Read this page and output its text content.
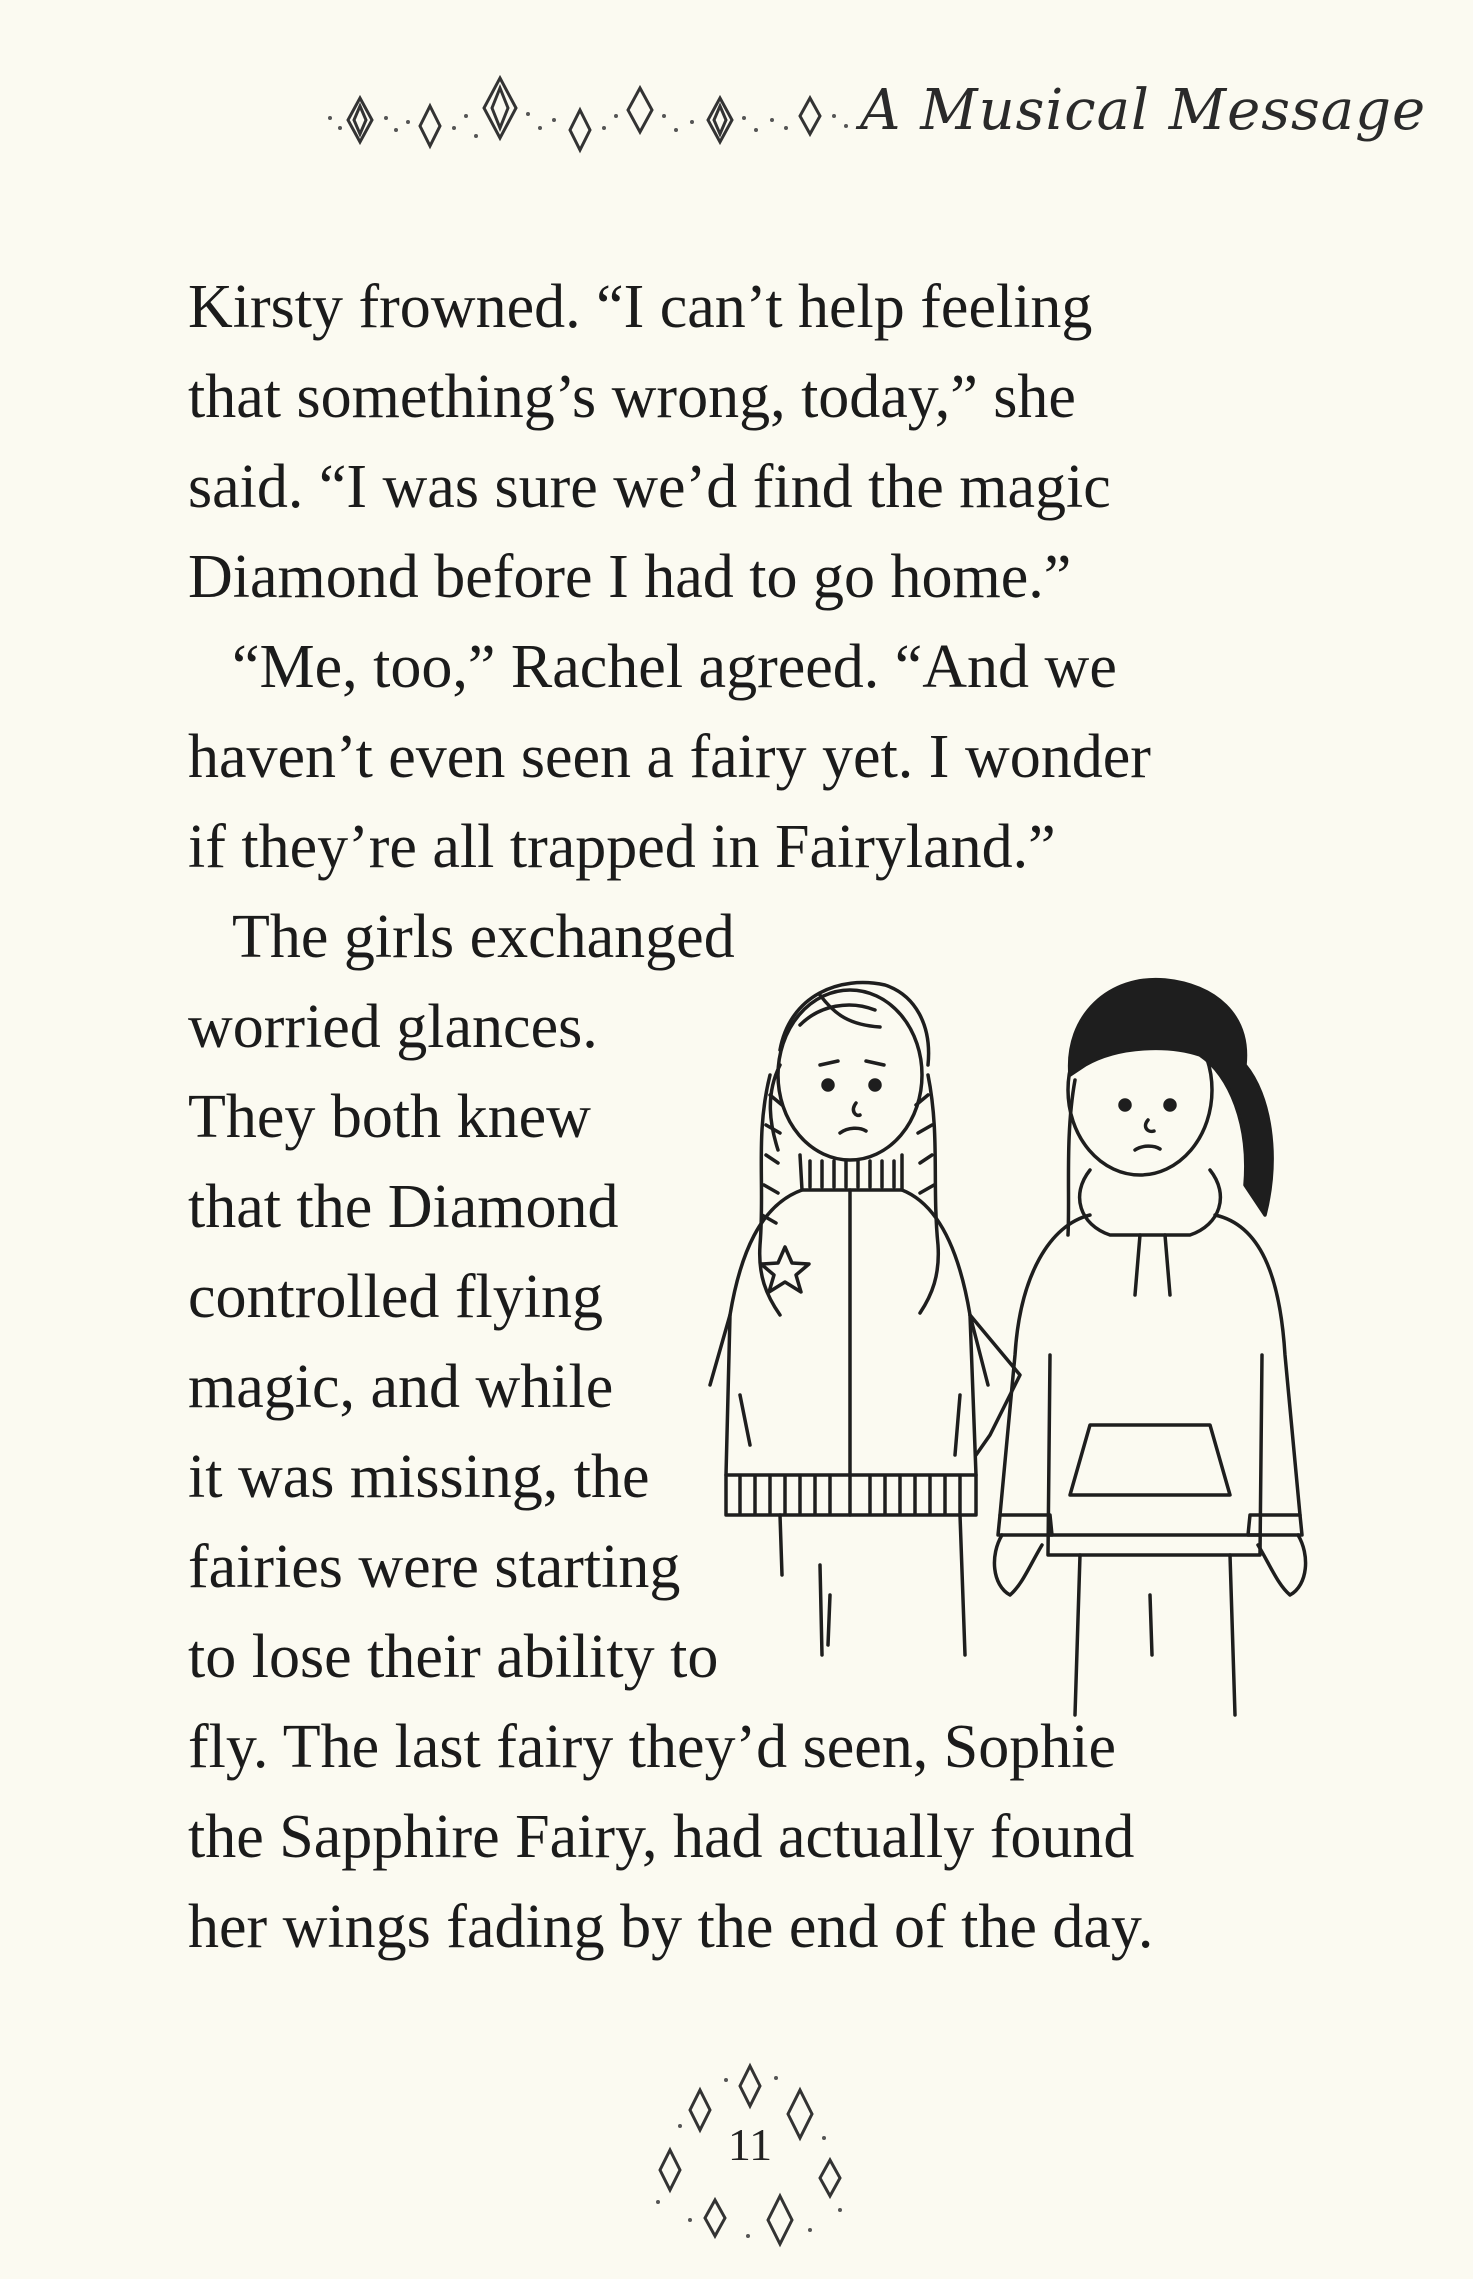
A Musical Message
Kirsty frowned. “I can’t help feeling
that something’s wrong, today,” she
said. “I was sure we’d find the magic
Diamond before I had to go home.”
“Me, too,” Rachel agreed. “And we
haven’t even seen a fairy yet. I wonder
if they’re all trapped in Fairyland.”
The girls exchanged
worried glances.
They both knew
that the Diamond
controlled flying
magic, and while
it was missing, the
fairies were starting
to lose their ability to
fly. The last fairy they’d seen, Sophie
the Sapphire Fairy, had actually found
her wings fading by the end of the day.
11
